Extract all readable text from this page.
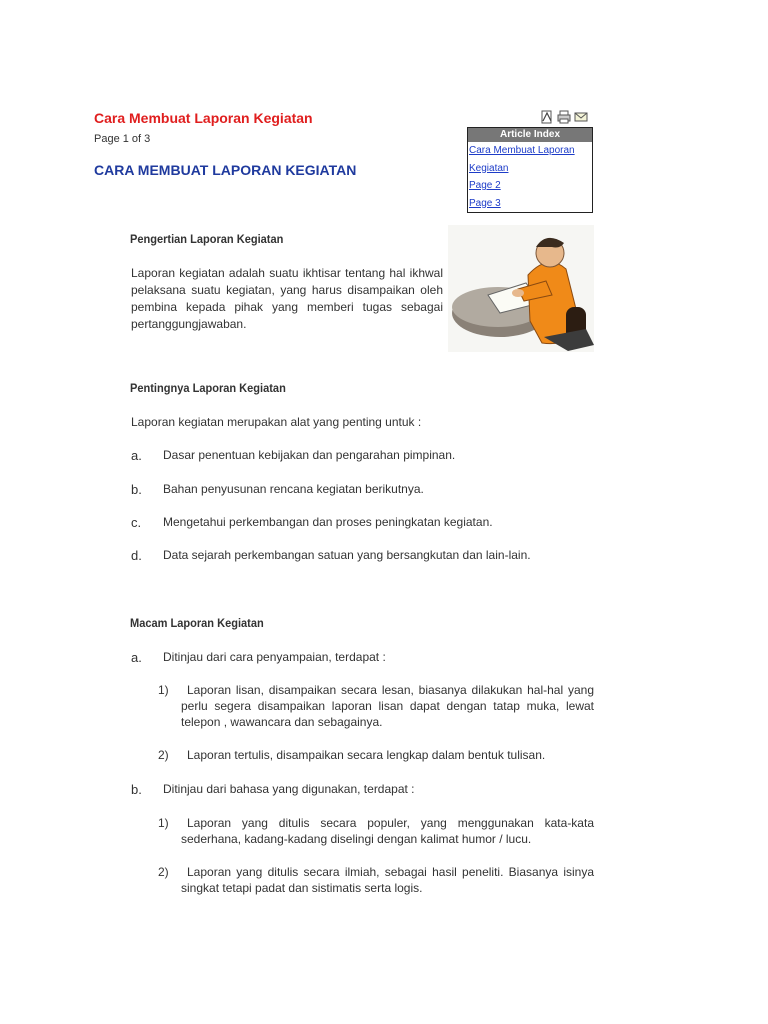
Cara Membuat Laporan Kegiatan
Page 1 of 3
CARA MEMBUAT LAPORAN KEGIATAN
Article Index
Cara Membuat Laporan
Kegiatan
Page 2
Page 3
Pengertian Laporan Kegiatan
Laporan kegiatan adalah suatu ikhtisar tentang hal ikhwal pelaksana suatu kegiatan, yang harus disampaikan oleh pembina kepada pihak yang memberi tugas sebagai pertanggungjawaban.
Pentingnya Laporan Kegiatan
Laporan kegiatan merupakan alat yang penting untuk :
a. Dasar penentuan kebijakan dan pengarahan pimpinan.
b. Bahan penyusunan rencana kegiatan berikutnya.
c. Mengetahui perkembangan dan proses peningkatan kegiatan.
d. Data sejarah perkembangan satuan yang bersangkutan dan lain-lain.
Macam Laporan Kegiatan
a. Ditinjau dari cara penyampaian, terdapat :
1)	Laporan lisan, disampaikan secara lesan, biasanya dilakukan hal-hal yang perlu segera disampaikan laporan lisan dapat dengan tatap muka, lewat telepon , wawancara dan sebagainya.
2) Laporan tertulis, disampaikan secara lengkap dalam bentuk tulisan.
b. Ditinjau dari bahasa yang digunakan, terdapat :
1)	Laporan yang ditulis secara populer, yang menggunakan kata-kata sederhana, kadang-kadang diselingi dengan kalimat humor / lucu.
2)	Laporan yang ditulis secara ilmiah, sebagai hasil peneliti. Biasanya isinya singkat tetapi padat dan sistimatis serta logis.
